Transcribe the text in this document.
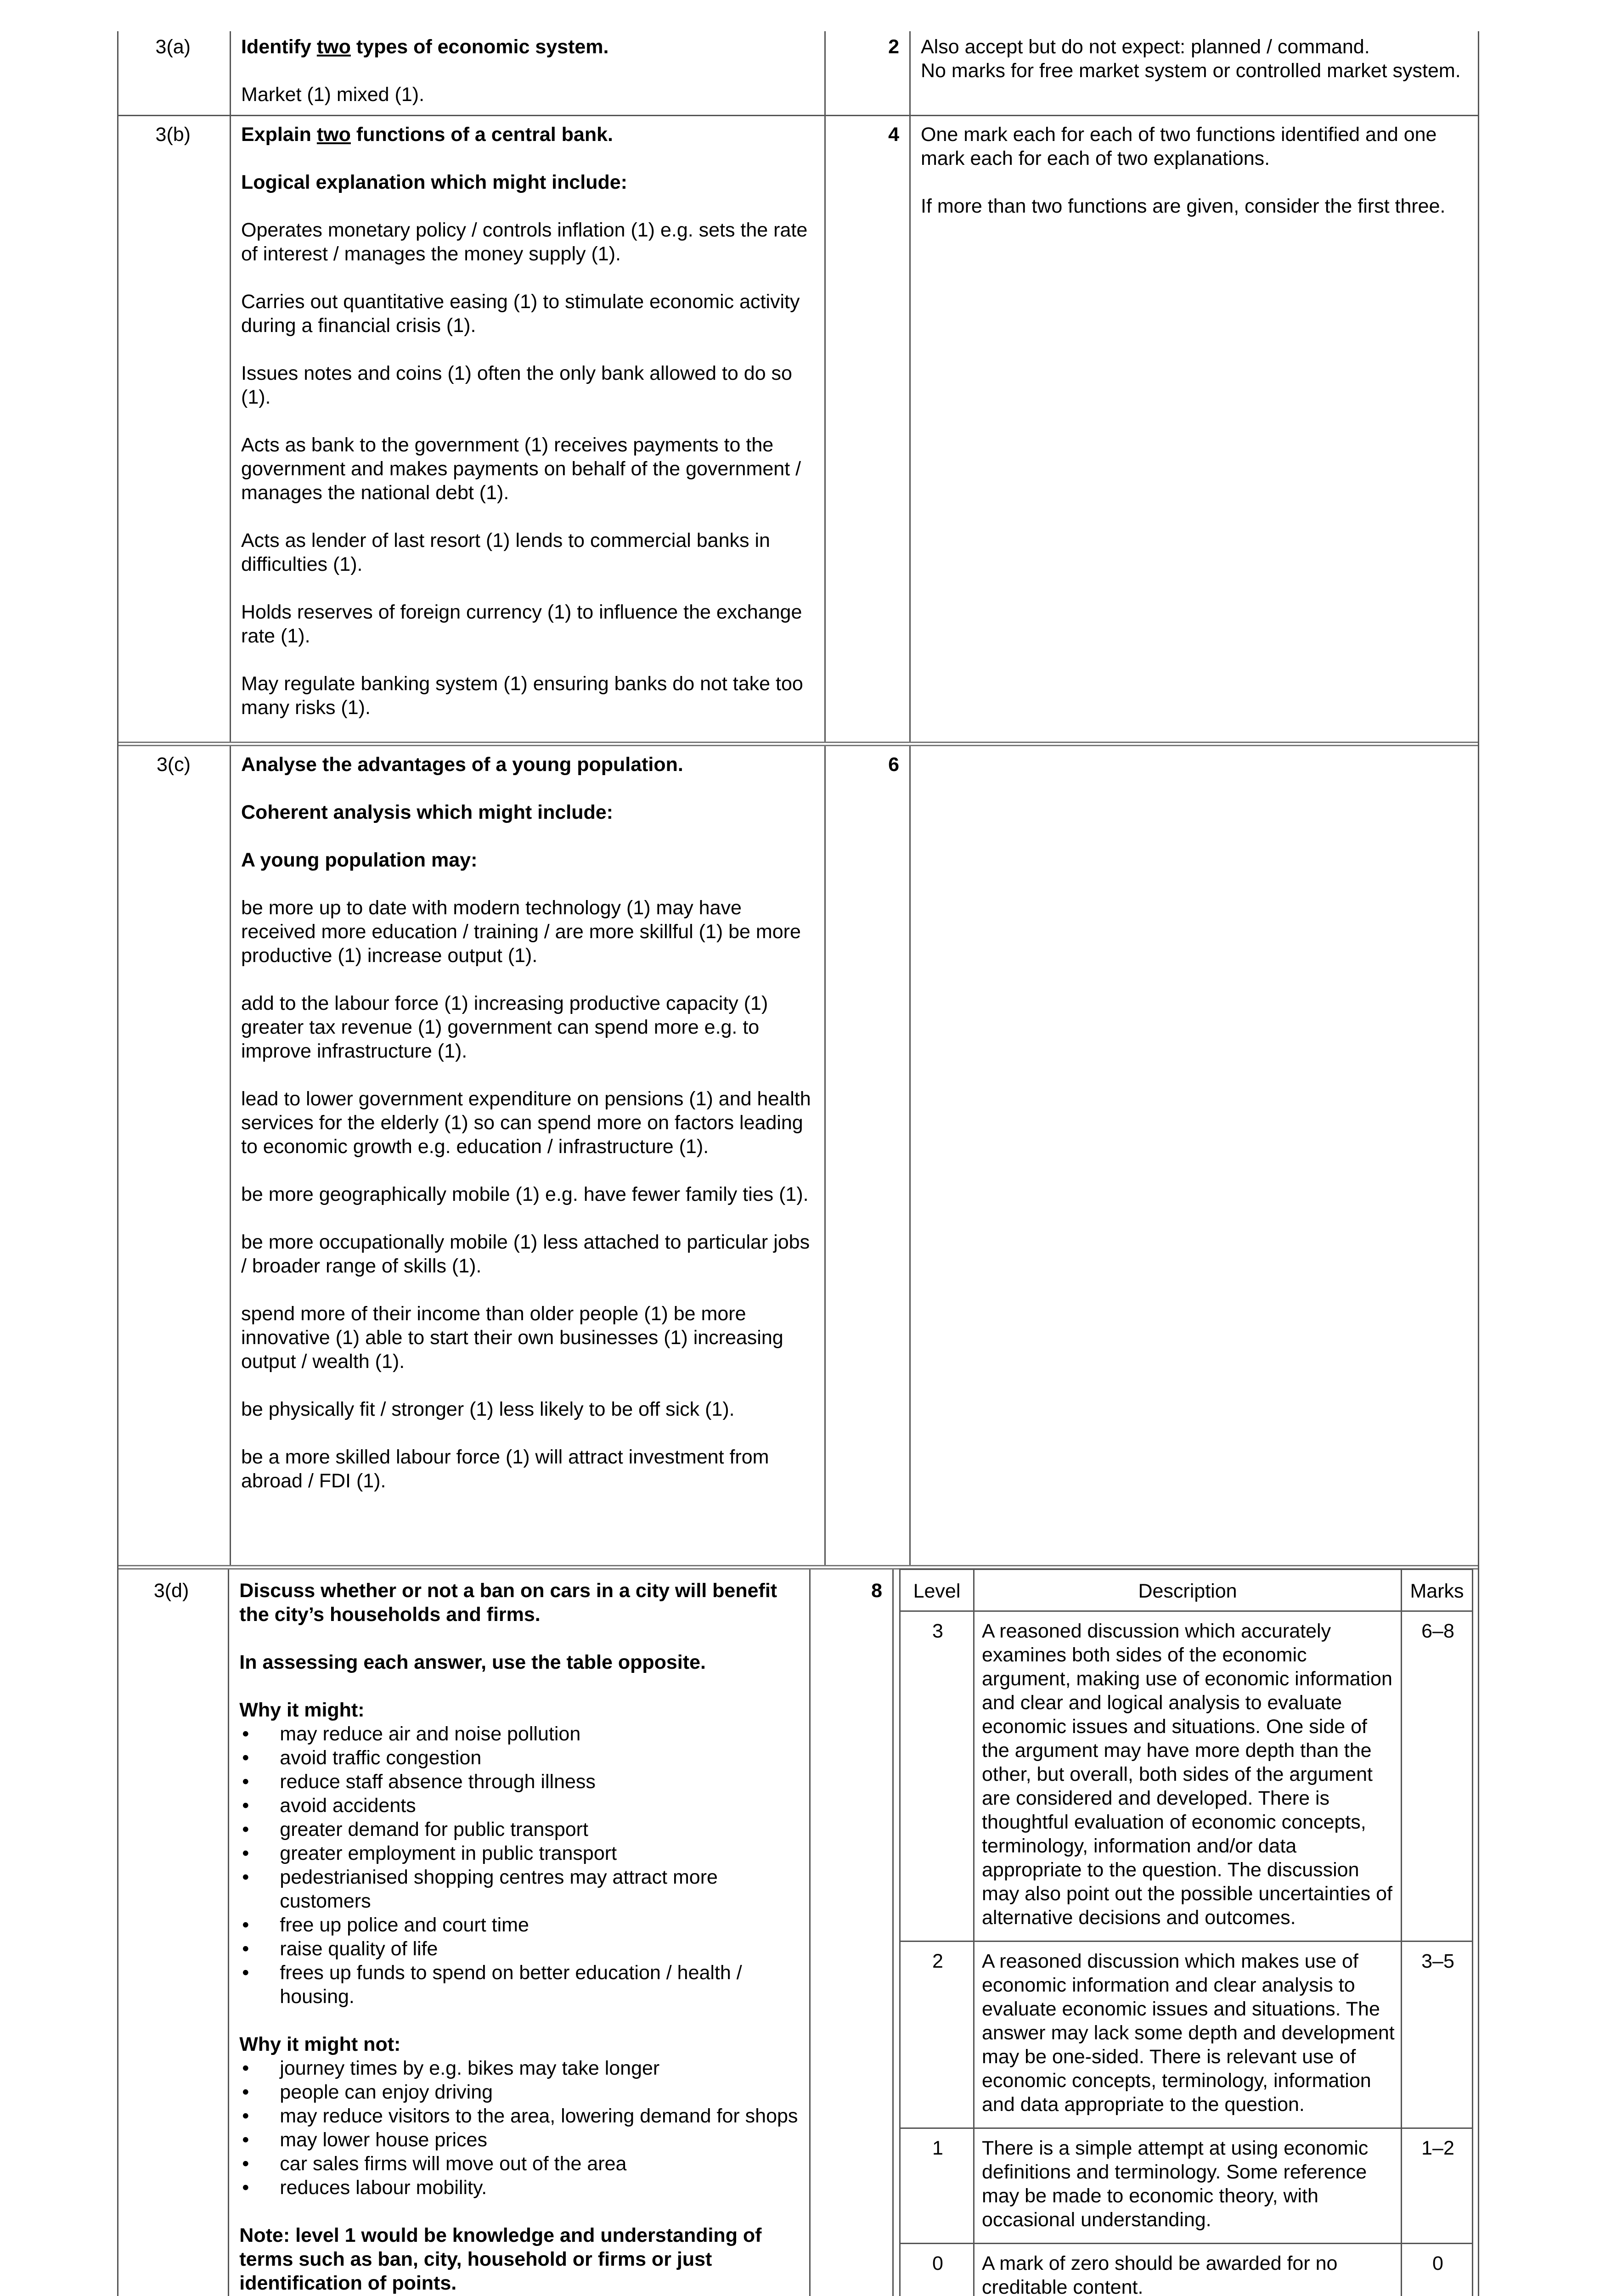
3(a)	Identify two types of economic system.

Market (1) mixed (1).

2	Also accept but do not expect: planned / command.

No marks for free market system or controlled market system.

3(b)	Explain two functions of a central bank.

Logical explanation which might include:

Operates monetary policy / controls inflation (1) e.g. sets the rate of interest / manages the money supply (1).

Carries out quantitative easing (1) to stimulate economic activity during a financial crisis (1).

Issues notes and coins (1) often the only bank allowed to do so (1).

Acts as bank to the government (1) receives payments to the government and makes payments on behalf of the government / manages the national debt (1).

Acts as lender of last resort (1) lends to commercial banks in difficulties (1).

Holds reserves of foreign currency (1) to influence the exchange rate (1).

May regulate banking system (1) ensuring banks do not take too many risks (1).

4	One mark each for each of two functions identified and one mark each for each of two explanations.

If more than two functions are given, consider the first three.

3(c)	Analyse the advantages of a young population.

Coherent analysis which might include:

A young population may:

be more up to date with modern technology (1) may have received more education / training / are more skillful (1) be more productive (1) increase output (1).

add to the labour force (1) increasing productive capacity (1) greater tax revenue (1) government can spend more e.g. to improve infrastructure (1).

lead to lower government expenditure on pensions (1) and health services for the elderly (1) so can spend more on factors leading to economic growth e.g. education / infrastructure (1).

be more geographically mobile (1) e.g. have fewer family ties (1).

be more occupationally mobile (1) less attached to particular jobs / broader range of skills (1).

spend more of their income than older people (1) be more innovative (1) able to start their own businesses (1) increasing output / wealth (1).

be physically fit / stronger (1) less likely to be off sick (1).

be a more skilled labour force (1) will attract investment from abroad / FDI (1).

6
3(d)	Discuss whether or not a ban on cars in a city will benefit the city’s households and firms.

In assessing each answer, use the table opposite.

Why it might:

• may reduce air and noise pollution
• avoid traffic congestion
• reduce staff absence through illness
• avoid accidents
• greater demand for public transport
• greater employment in public transport
• pedestrianised shopping centres may attract more customers
• free up police and court time
• raise quality of life
• frees up funds to spend on better education / health / housing.

Why it might not:

• journey times by e.g. bikes may take longer
• people can enjoy driving
• may reduce visitors to the area, lowering demand for shops
• may lower house prices
• car sales firms will move out of the area
• reduces labour mobility.

Note: level 1 would be knowledge and understanding of terms such as ban, city, household or firms or just identification of points.

8	Level	Description	Marks
3	A reasoned discussion which accurately examines both sides of the economic argument, making use of economic information and clear and logical analysis to evaluate economic issues and situations. One side of the argument may have more depth than the other, but overall, both sides of the argument are considered and developed. There is thoughtful evaluation of economic concepts, terminology, information and/or data appropriate to the question. The discussion may also point out the possible uncertainties of alternative decisions and outcomes.	6–8
2	A reasoned discussion which makes use of economic information and clear analysis to evaluate economic issues and situations. The answer may lack some depth and development may be one-sided. There is relevant use of economic concepts, terminology, information and data appropriate to the question.	3–5
1	There is a simple attempt at using economic definitions and terminology. Some reference may be made to economic theory, with occasional understanding.	1–2
0	A mark of zero should be awarded for no creditable content.	0
